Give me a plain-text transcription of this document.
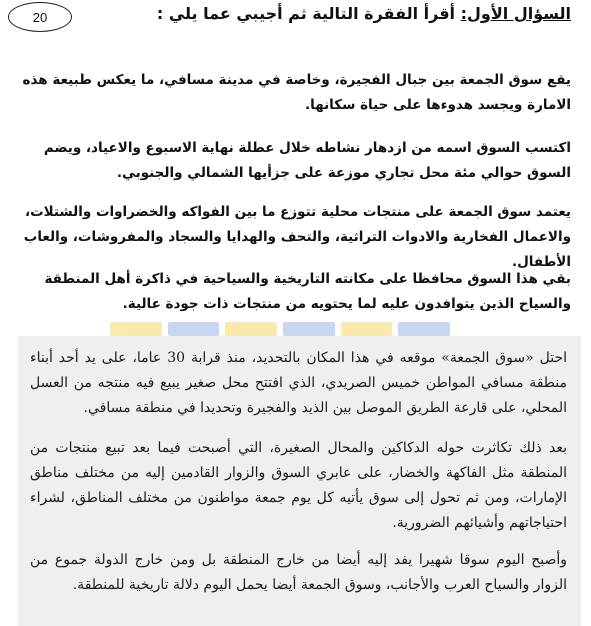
20	السؤال الأول: أقرأ الفقرة التالية ثم أجيبي عما يلي :

يقع سوق الجمعة بين جبال الفجيرة، وخاصة في مدينة مسافي، ما يعكس طبيعة هذه الامارة ويجسد هدوءها على حياة سكانها.

اكتسب السوق اسمه من ازدهار نشاطه خلال عطلة نهاية الاسبوع والاعياد، ويضم السوق حوالي مئة محل تجاري موزعة على جزأيها الشمالي والجنوبي.

يعتمد سوق الجمعة على منتجات محلية تتوزع ما بين الفواكه والخضراوات والشتلات، والاعمال الفخارية والادوات التراثية، والتحف والهدايا والسجاد والمفروشات، والعاب الأطفال.

بقي هذا السوق محافظا على مكانته التاريخية والسياحية في ذاكرة أهل المنطقة والسياح الذين يتوافدون عليه لما يحتويه من منتجات ذات جودة عالية.

احتل «سوق الجمعة» موقعه في هذا المكان بالتحديد، منذ قرابة 30 عاما، على يد أحد أبناء منطقة مسافي المواطن خميس الصريدي، الذي افتتح محل صغير يبيع فيه منتجه من العسل المحلي، على قارعة الطريق الموصل بين الذيد والفجيرة وتحديدا في منطقة مسافي.

بعد ذلك تكاثرت حوله الدكاكين والمحال الصغيرة، التي أصبحت فيما بعد تبيع منتجات من المنطقة مثل الفاكهة والخضار، على عابري السوق والزوار القادمين إليه من مختلف مناطق الإمارات، ومن ثم تحول إلى سوق يأتيه كل يوم جمعة مواطنون من مختلف المناطق، لشراء احتياجاتهم وأشيائهم الضرورية.

وأصبح اليوم سوقا شهيرا يفد إليه أيضا من خارج المنطقة بل ومن خارج الدولة جموع من الزوار والسياح العرب والأجانب، وسوق الجمعة أيضا يحمل اليوم دلالة تاريخية للمنطقة.
